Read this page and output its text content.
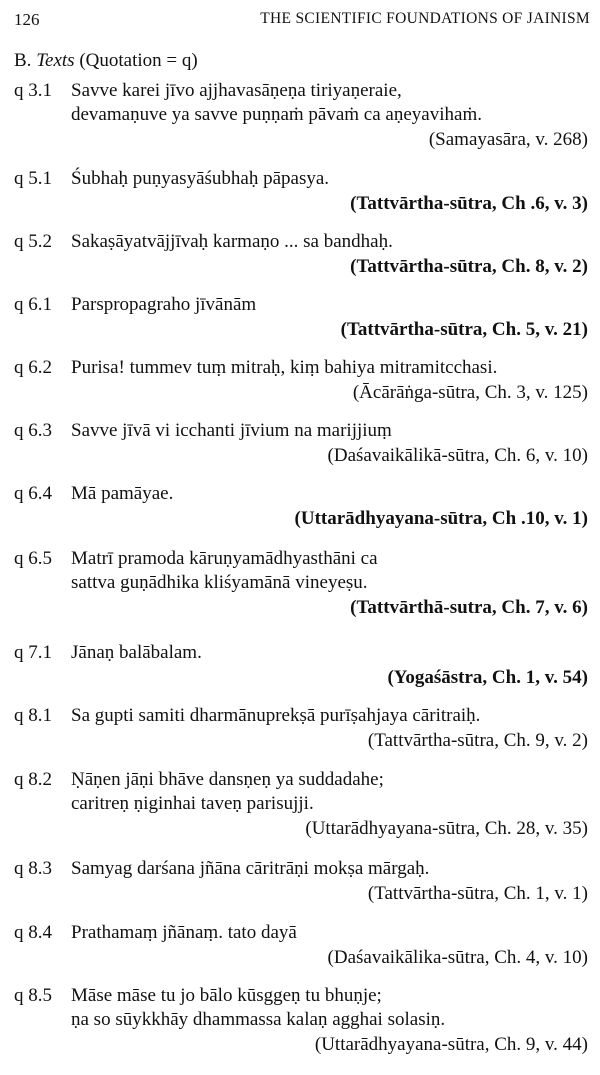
126	THE SCIENTIFIC FOUNDATIONS OF JAINISM
B. Texts (Quotation = q)
q 3.1 Savve karei jīvo ajjhavasāṇeṇa tiriyaṇeraie,
devamaṇuve ya savve puṇṇaṁ pāvaṁ ca aṇeyavihaṁ.
(Samayasāra, v. 268)
q 5.1 Śubhaḥ puṇyasyāśubhaḥ pāpasya.
(Tattvārtha-sūtra, Ch .6, v. 3)
q 5.2 Sakaṣāyatvājjīvaḥ karmaṇo ... sa bandhaḥ.
(Tattvārtha-sūtra, Ch. 8, v. 2)
q 6.1 Parspropagraho jīvānām
(Tattvārtha-sūtra, Ch. 5, v. 21)
q 6.2 Purisa! tummev tuṃ mitraḥ, kiṃ bahiya mitramitcchasi.
(Ācārāṅga-sūtra, Ch. 3, v. 125)
q 6.3 Savve jīvā vi icchanti jīvium na marijjiuṃ
(Daśavaikālikā-sūtra, Ch. 6, v. 10)
q 6.4 Mā pamāyae.
(Uttarādhyayana-sūtra, Ch .10, v. 1)
q 6.5 Matrī pramoda kāruṇyamādhyasthāni ca
sattva guṇādhika kliśyamānā vineyeṣu.
(Tattvārthā-sutra, Ch. 7, v. 6)
q 7.1 Jānaṇ balābalam.
(Yogaśāstra, Ch. 1, v. 54)
q 8.1 Sa gupti samiti dharmānuprekṣā purīṣahjaya cāritraiḥ.
(Tattvārtha-sūtra, Ch. 9, v. 2)
q 8.2 Ṇāṇen jāṇi bhāve dansṇeṇ ya suddadahe;
caritreṇ ṇiginhai taveṇ parisujji.
(Uttarādhyayana-sūtra, Ch. 28, v. 35)
q 8.3 Samyag darśana jñāna cāritrāṇi mokṣa mārgaḥ.
(Tattvārtha-sūtra, Ch. 1, v. 1)
q 8.4 Prathamaṃ jñānaṃ. tato dayā
(Daśavaikālika-sūtra, Ch. 4, v. 10)
q 8.5 Māse māse tu jo bālo kūsggeṇ tu bhuṇje;
ṇa so sūykkhāy dhammassa kalaṇ agghai solasiṇ.
(Uttarādhyayana-sūtra, Ch. 9, v. 44)
